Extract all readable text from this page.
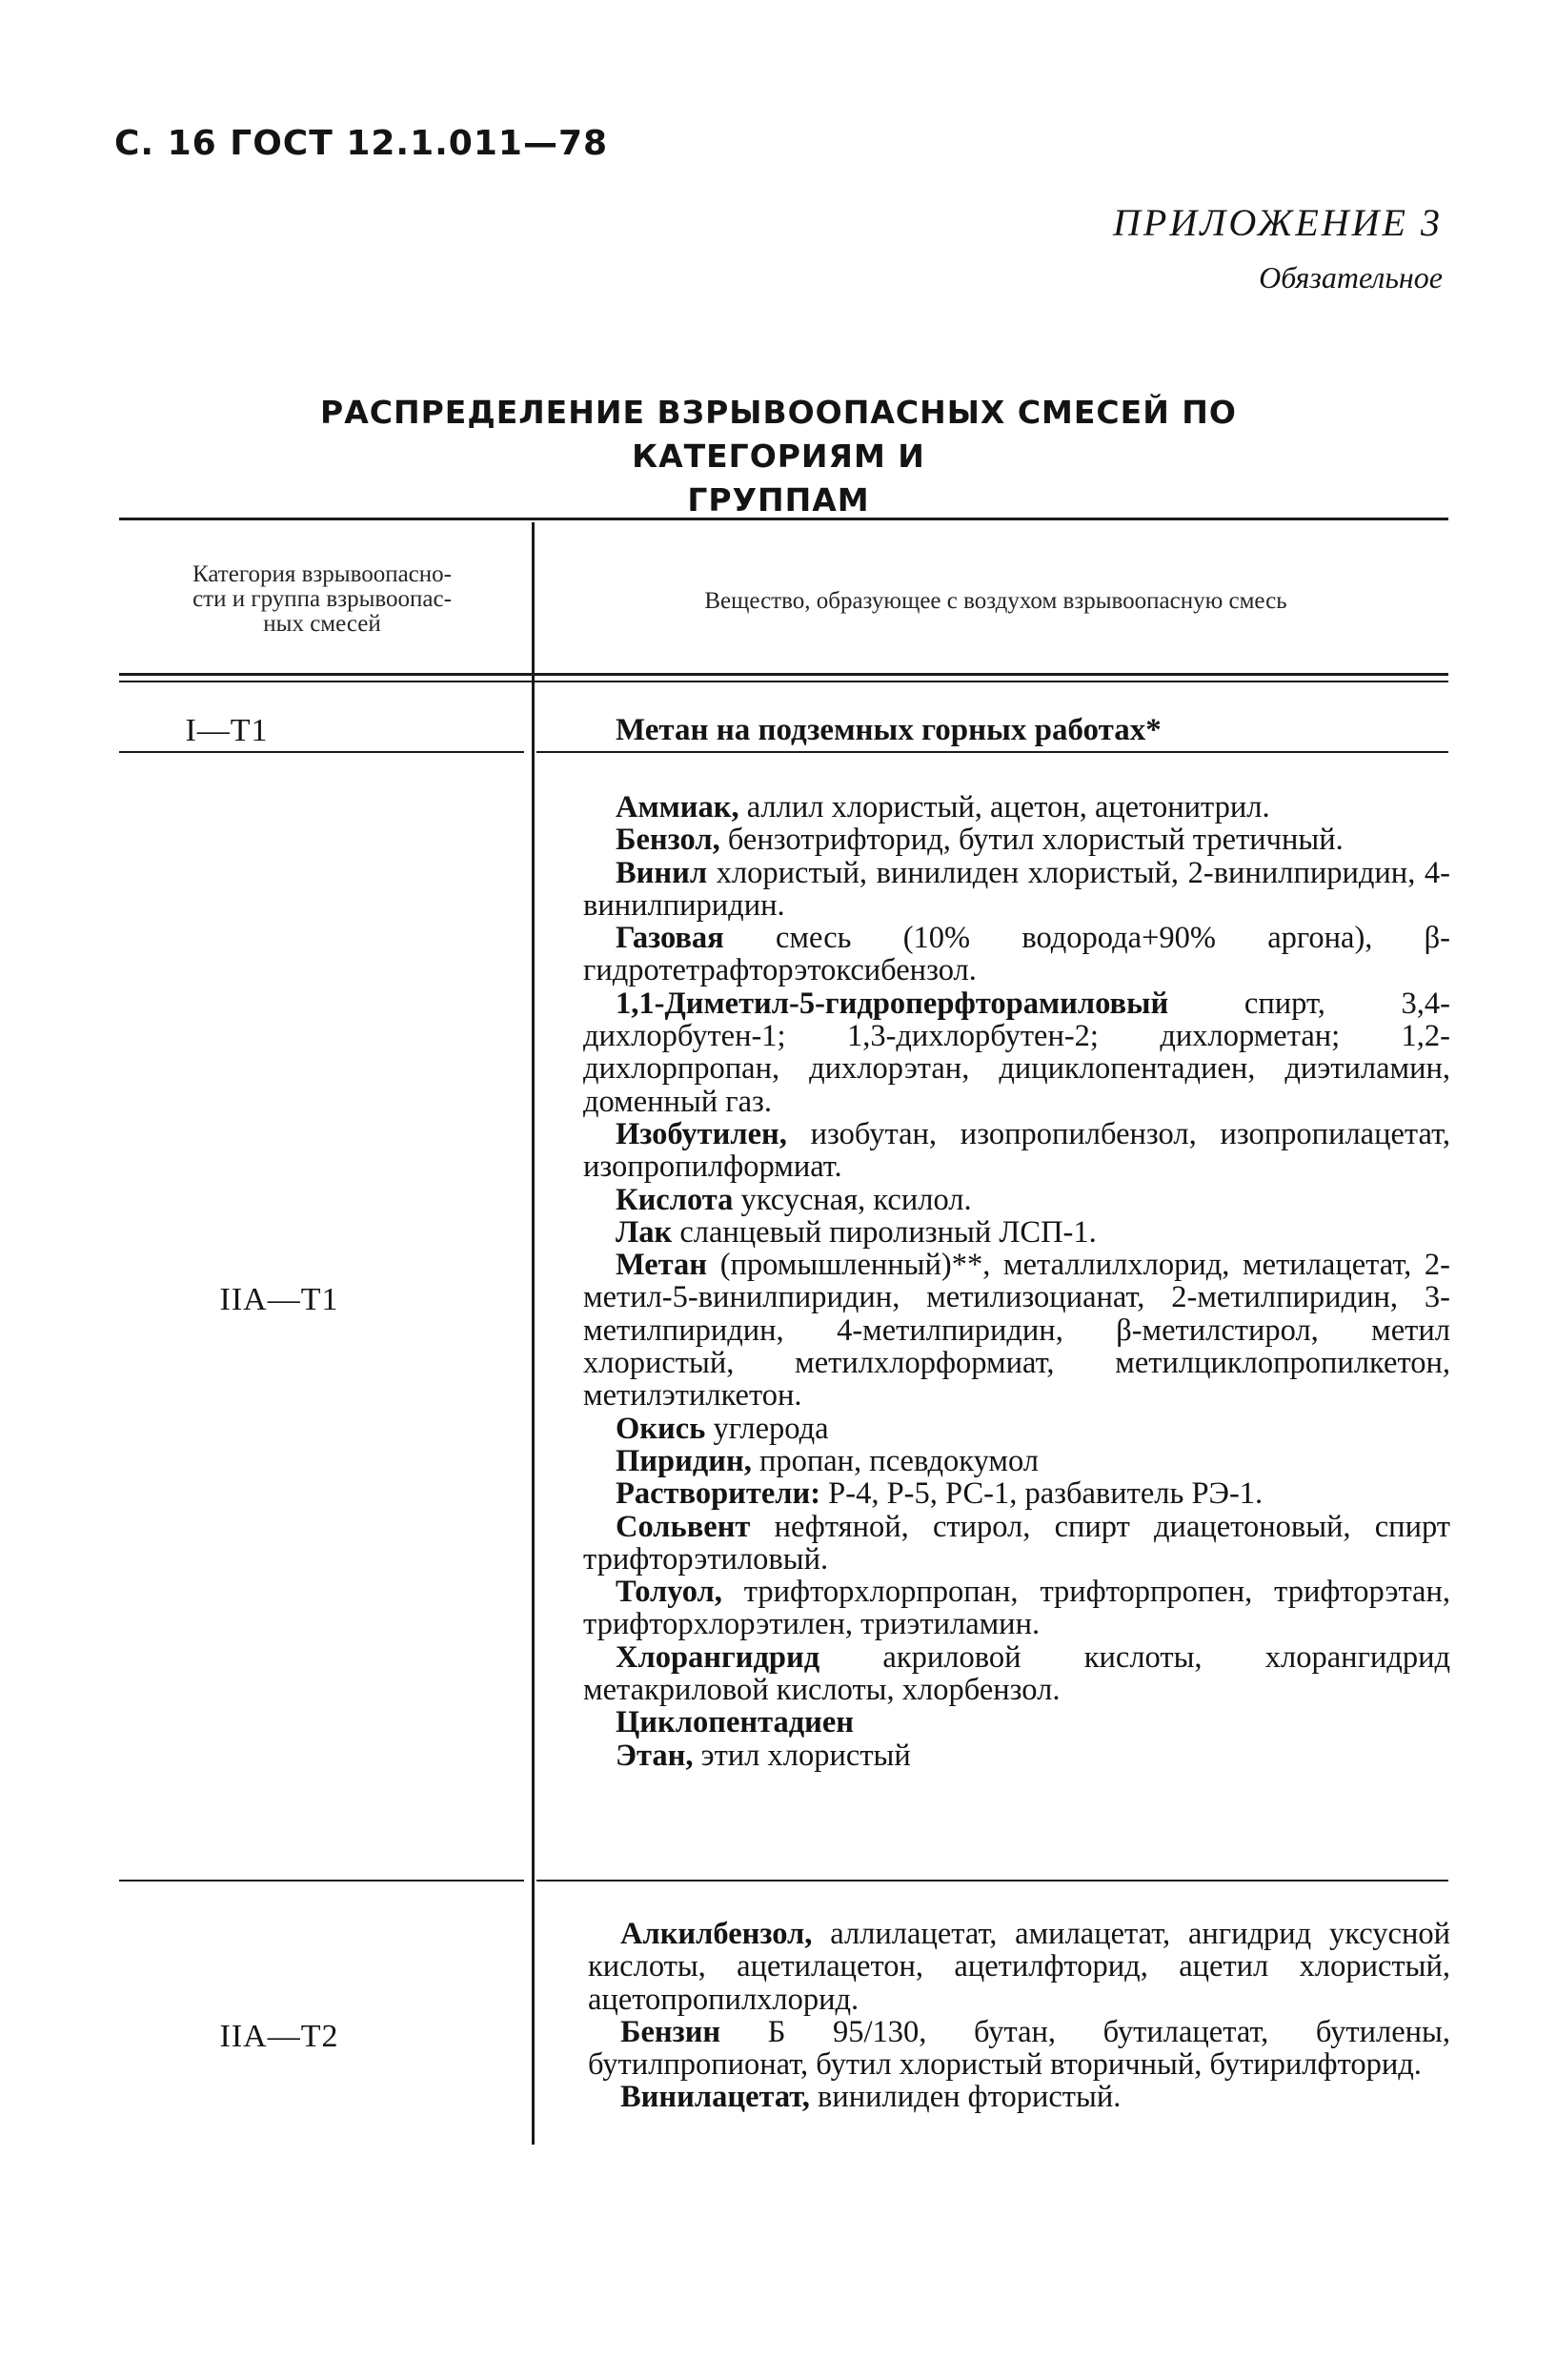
С. 16 ГОСТ 12.1.011—78
ПРИЛОЖЕНИЕ 3
Обязательное
РАСПРЕДЕЛЕНИЕ ВЗРЫВООПАСНЫХ СМЕСЕЙ ПО КАТЕГОРИЯМ И
ГРУППАМ
Категория взрывоопасно-
сти и группа взрывоопас-
ных смесей
Вещество, образующее с воздухом взрывоопасную смесь
I—T1	Метан на подземных горных работах*
IIA—T1
Аммиак, аллил хлористый, ацетон, ацетонитрил.
Бензол, бензотрифторид, бутил хлористый третичный.
Винил хлористый, винилиден хлористый, 2-винилпиридин, 4-винилпиридин.
Газовая смесь (10% водорода+90% аргона), β-гидротетрафторэтоксибензол.
1,1-Диметил-5-гидроперфторамиловый спирт, 3,4-дихлорбутен-1; 1,3-дихлорбутен-2; дихлорметан; 1,2-дихлорпропан, дихлорэтан, дициклопентадиен, диэтиламин, доменный газ.
Изобутилен, изобутан, изопропилбензол, изопропилацетат, изопропилформиат.
Кислота уксусная, ксилол.
Лак сланцевый пиролизный ЛСП-1.
Метан (промышленный)**, металлилхлорид, метилацетат, 2-метил-5-винилпиридин, метилизоцианат, 2-метилпиридин, 3-метилпиридин, 4-метилпиридин, β-метилстирол, метил хлористый, метилхлорформиат, метилциклопропилкетон, метилэтилкетон.
Окись углерода
Пиридин, пропан, псевдокумол
Растворители: Р-4, Р-5, РС-1, разбавитель РЭ-1.
Сольвент нефтяной, стирол, спирт диацетоновый, спирт трифторэтиловый.
Толуол, трифторхлорпропан, трифторпропен, трифторэтан, трифторхлорэтилен, триэтиламин.
Хлорангидрид акриловой кислоты, хлорангидрид метакриловой кислоты, хлорбензол.
Циклопентадиен
Этан, этил хлористый
IIA—T2
Алкилбензол, аллилацетат, амилацетат, ангидрид уксусной кислоты, ацетилацетон, ацетилфторид, ацетил хлористый, ацетопропилхлорид.
Бензин Б 95/130, бутан, бутилацетат, бутилены, бутилпропионат, бутил хлористый вторичный, бутирилфторид.
Винилацетат, винилиден фтористый.
